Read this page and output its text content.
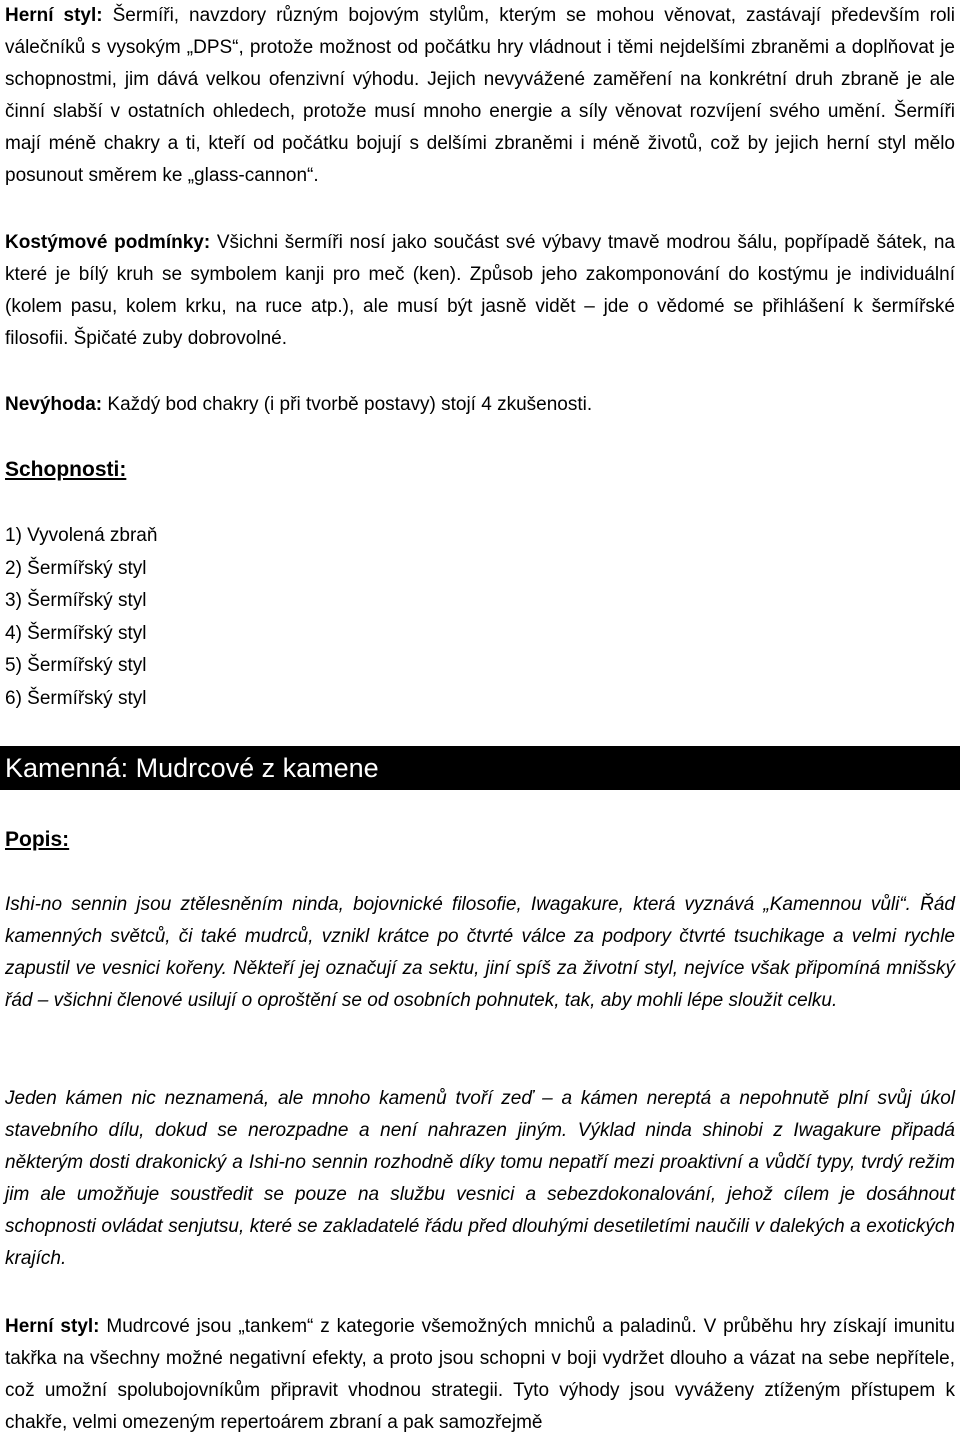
Herní styl: Šermíři, navzdory různým bojovým stylům, kterým se mohou věnovat, zastávají především roli válečníků s vysokým „DPS“, protože možnost od počátku hry vládnout i těmi nejdelšími zbraněmi a doplňovat je schopnostmi, jim dává velkou ofenzivní výhodu. Jejich nevyvážené zaměření na konkrétní druh zbraně je ale činní slabší v ostatních ohledech, protože musí mnoho energie a síly věnovat rozvíjení svého umění. Šermíři mají méně chakry a ti, kteří od počátku bojují s delšími zbraněmi i méně životů, což by jejich herní styl mělo posunout směrem ke „glass-cannon“.

Kostýmové podmínky: Všichni šermíři nosí jako součást své výbavy tmavě modrou šálu, popřípadě šátek, na které je bílý kruh se symbolem kanji pro meč (ken). Způsob jeho zakomponování do kostýmu je individuální (kolem pasu, kolem krku, na ruce atp.), ale musí být jasně vidět – jde o vědomé se přihlášení k šermířské filosofii. Špičaté zuby dobrovolné.

Nevýhoda: Každý bod chakry (i při tvorbě postavy) stojí 4 zkušenosti.

Schopnosti:
1) Vyvolená zbraň
2) Šermířský styl
3) Šermířský styl
4) Šermířský styl
5) Šermířský styl
6) Šermířský styl
Kamenná: Mudrcové z kamene
Popis:

Ishi-no sennin jsou ztělesněním ninda, bojovnické filosofie, Iwagakure, která vyznává „Kamennou vůli“. Řád kamenných světců, či také mudrců, vznikl krátce po čtvrté válce za podpory čtvrté tsuchikage a velmi rychle zapustil ve vesnici kořeny. Někteří jej označují za sektu, jiní spíš za životní styl, nejvíce však připomíná mnišský řád – všichni členové usilují o oproštění se od osobních pohnutek, tak, aby mohli lépe sloužit celku.

Jeden kámen nic neznamená, ale mnoho kamenů tvoří zeď – a kámen nereptá a nepohnutě plní svůj úkol stavebního dílu, dokud se nerozpadne a není nahrazen jiným. Výklad ninda shinobi z Iwagakure připadá některým dosti drakonický a Ishi-no sennin rozhodně díky tomu nepatří mezi proaktivní a vůdčí typy, tvrdý režim jim ale umožňuje soustředit se pouze na službu vesnici a sebezdokonalování, jehož cílem je dosáhnout schopnosti ovládat senjutsu, které se zakladatelé řádu před dlouhými desetiletími naučili v dalekých a exotických krajích.

Herní styl: Mudrcové jsou „tankem“ z kategorie všemožných mnichů a paladinů. V průběhu hry získají imunitu takřka na všechny možné negativní efekty, a proto jsou schopni v boji vydržet dlouho a vázat na sebe nepřítele, což umožní spolubojovníkům připravit vhodnou strategii. Tyto výhody jsou vyváženy ztíženým přístupem k chakře, velmi omezeným repertoárem zbraní a pak samozřejmě
